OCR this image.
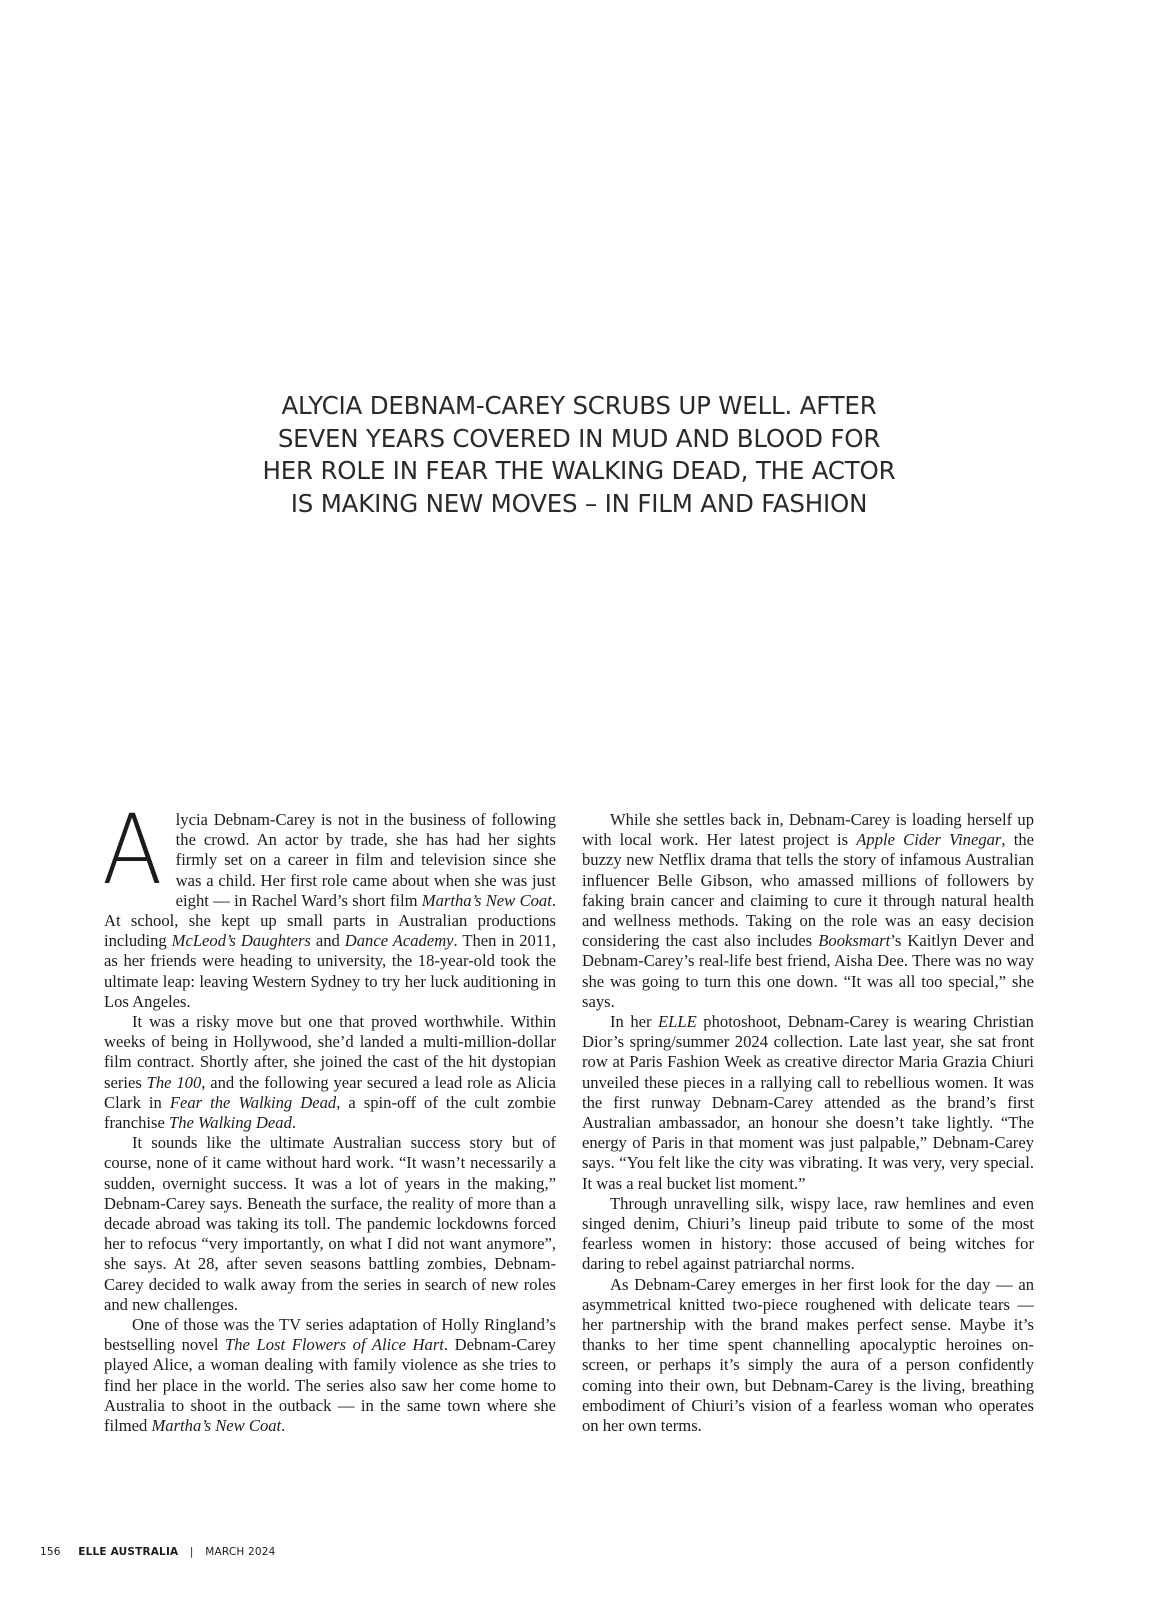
ALYCIA DEBNAM-CAREY SCRUBS UP WELL. AFTER
SEVEN YEARS COVERED IN MUD AND BLOOD FOR
HER ROLE IN FEAR THE WALKING DEAD, THE ACTOR
IS MAKING NEW MOVES – IN FILM AND FASHION

A lycia Debnam-Carey is not in the business of following the crowd. An actor by trade, she has had her sights firmly set on a career in film and television since she was a child. Her first role came about when she was just eight — in Rachel Ward’s short film Martha’s New Coat. At school, she kept up small parts in Australian productions including McLeod’s Daughters and Dance Academy. Then in 2011, as her friends were heading to university, the 18-year-old took the ultimate leap: leaving Western Sydney to try her luck auditioning in Los Angeles.

It was a risky move but one that proved worthwhile. Within weeks of being in Hollywood, she’d landed a multi-million-dollar film contract. Shortly after, she joined the cast of the hit dystopian series The 100, and the following year secured a lead role as Alicia Clark in Fear the Walking Dead, a spin-off of the cult zombie franchise The Walking Dead.

It sounds like the ultimate Australian success story but of course, none of it came without hard work. “It wasn’t necessarily a sudden, overnight success. It was a lot of years in the making,” Debnam-Carey says. Beneath the surface, the reality of more than a decade abroad was taking its toll. The pandemic lockdowns forced her to refocus “very importantly, on what I did not want anymore”, she says. At 28, after seven seasons battling zombies, Debnam-Carey decided to walk away from the series in search of new roles and new challenges.

One of those was the TV series adaptation of Holly Ringland’s bestselling novel The Lost Flowers of Alice Hart. Debnam-Carey played Alice, a woman dealing with family violence as she tries to find her place in the world. The series also saw her come home to Australia to shoot in the outback — in the same town where she filmed Martha’s New Coat.

While she settles back in, Debnam-Carey is loading herself up with local work. Her latest project is Apple Cider Vinegar, the buzzy new Netflix drama that tells the story of infamous Australian influencer Belle Gibson, who amassed millions of followers by faking brain cancer and claiming to cure it through natural health and wellness methods. Taking on the role was an easy decision considering the cast also includes Booksmart’s Kaitlyn Dever and Debnam-Carey’s real-life best friend, Aisha Dee. There was no way she was going to turn this one down. “It was all too special,” she says.

In her ELLE photoshoot, Debnam-Carey is wearing Christian Dior’s spring/summer 2024 collection. Late last year, she sat front row at Paris Fashion Week as creative director Maria Grazia Chiuri unveiled these pieces in a rallying call to rebellious women. It was the first runway Debnam-Carey attended as the brand’s first Australian ambassador, an honour she doesn’t take lightly. “The energy of Paris in that moment was just palpable,” Debnam-Carey says. “You felt like the city was vibrating. It was very, very special. It was a real bucket list moment.”

Through unravelling silk, wispy lace, raw hemlines and even singed denim, Chiuri’s lineup paid tribute to some of the most fearless women in history: those accused of being witches for daring to rebel against patriarchal norms.

As Debnam-Carey emerges in her first look for the day — an asymmetrical knitted two-piece roughened with delicate tears — her partnership with the brand makes perfect sense. Maybe it’s thanks to her time spent channelling apocalyptic heroines on-screen, or perhaps it’s simply the aura of a person confidently coming into their own, but Debnam-Carey is the living, breathing embodiment of Chiuri’s vision of a fearless woman who operates on her own terms.

156 ELLE AUSTRALIA | MARCH 2024
